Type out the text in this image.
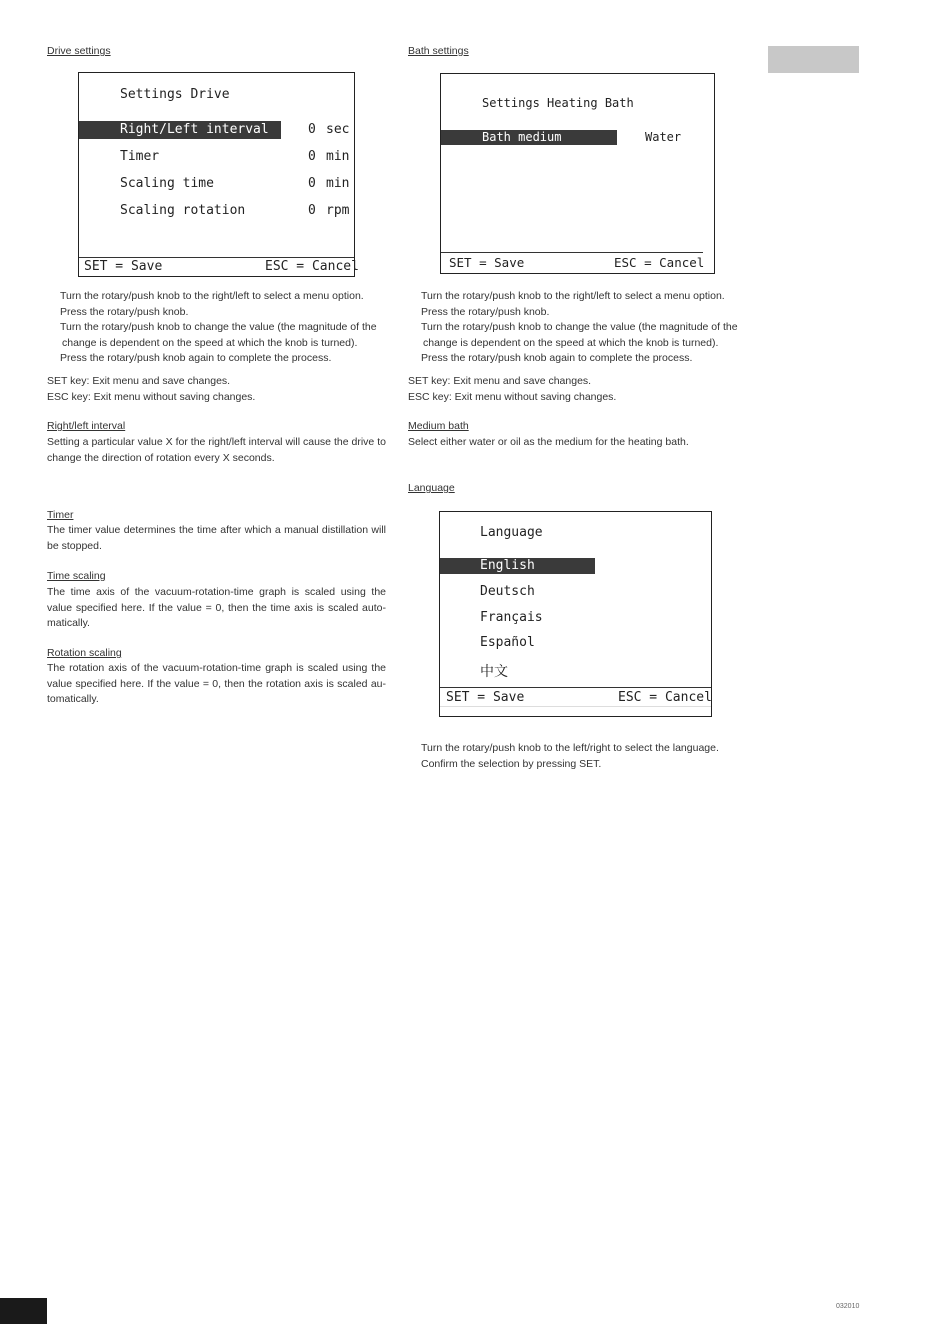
032010
Drive settings
Settings Drive
Right/Left interval	0 sec
Timer	0 min
Scaling time	0 min
Scaling rotation	0 rpm
SET = Save	ESC = Cancel
Turn the rotary/push knob to the right/left to select a menu option.
Press the rotary/push knob.
Turn the rotary/push knob to change the value (the magnitude of the
change is dependent on the speed at which the knob is turned).
Press the rotary/push knob again to complete the process.
SET key: Exit menu and save changes.
ESC key: Exit menu without saving changes.
Right/left interval
Setting a particular value X for the right/left interval will cause the drive to change the direction of rotation every X seconds.
Timer
The timer value determines the time after which a manual distillation will be stopped.
Time scaling
The time axis of the vacuum-rotation-time graph is scaled using the value specified here. If the value = 0, then the time axis is scaled auto-matically.
Rotation scaling
The rotation axis of the vacuum-rotation-time graph is scaled using the value specified here. If the value = 0, then the rotation axis is scaled au-tomatically.
Bath settings
Settings Heating Bath
Bath medium	Water
SET = Save	ESC = Cancel
Turn the rotary/push knob to the right/left to select a menu option.
Press the rotary/push knob.
Turn the rotary/push knob to change the value (the magnitude of the
change is dependent on the speed at which the knob is turned).
Press the rotary/push knob again to complete the process.
SET key: Exit menu and save changes.
ESC key: Exit menu without saving changes.
Medium bath
Select either water or oil as the medium for the heating bath.
Language
Language
English
Deutsch
Français
Español
中文
SET = Save	ESC = Cancel
Turn the rotary/push knob to the left/right to select the language.
Confirm the selection by pressing SET.
